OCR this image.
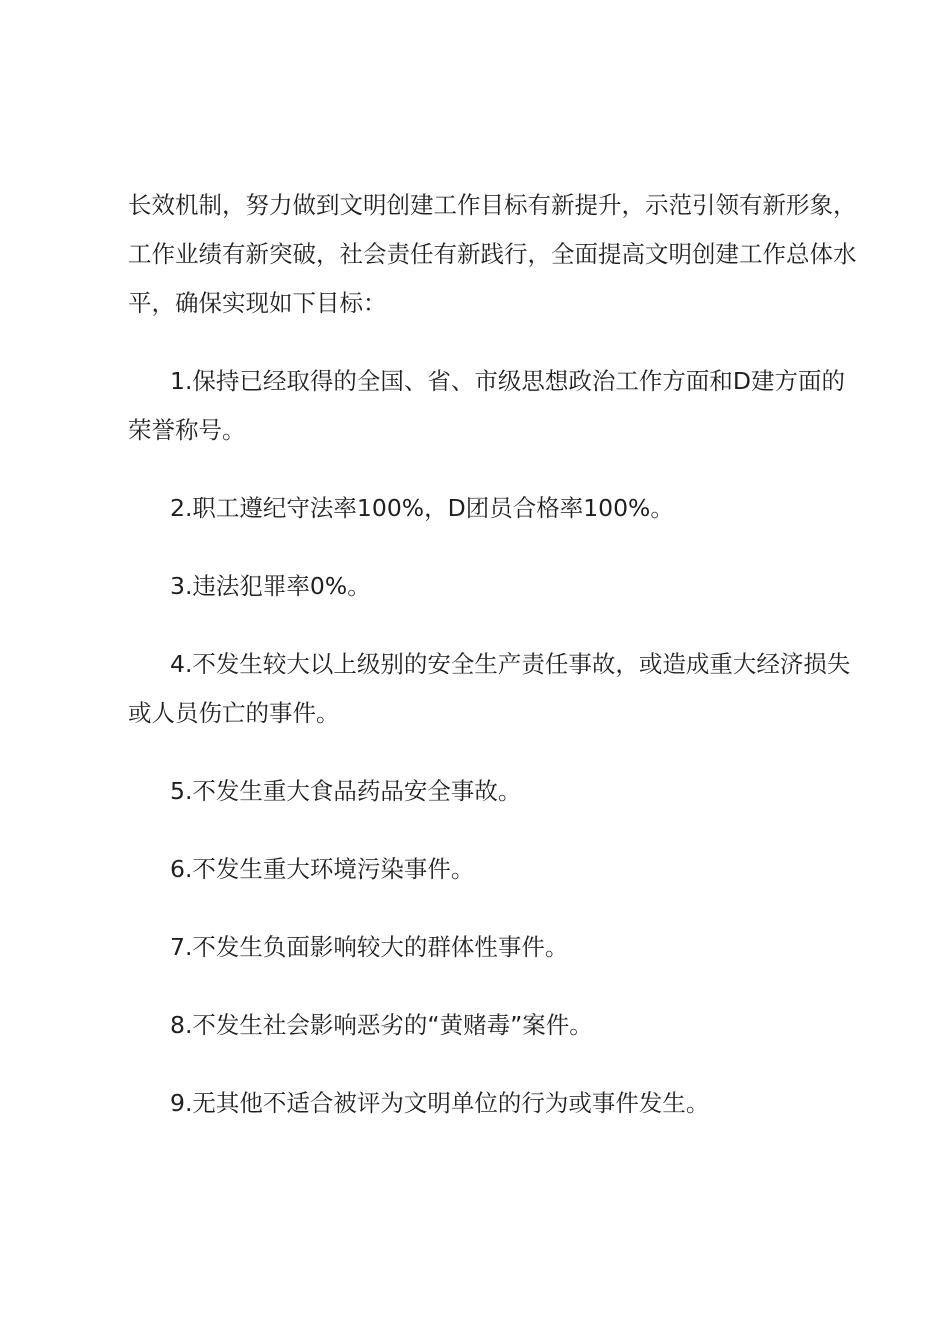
长效机制，努力做到文明创建工作目标有新提升，示范引领有新形象，工作业绩有新突破，社会责任有新践行，全面提高文明创建工作总体水平，确保实现如下目标：

1.保持已经取得的全国、省、市级思想政治工作方面和D建方面的荣誉称号。

2.职工遵纪守法率100%，D团员合格率100%。

3.违法犯罪率0%。

4.不发生较大以上级别的安全生产责任事故，或造成重大经济损失或人员伤亡的事件。

5.不发生重大食品药品安全事故。

6.不发生重大环境污染事件。

7.不发生负面影响较大的群体性事件。

8.不发生社会影响恶劣的“黄赌毒”案件。

9.无其他不适合被评为文明单位的行为或事件发生。
